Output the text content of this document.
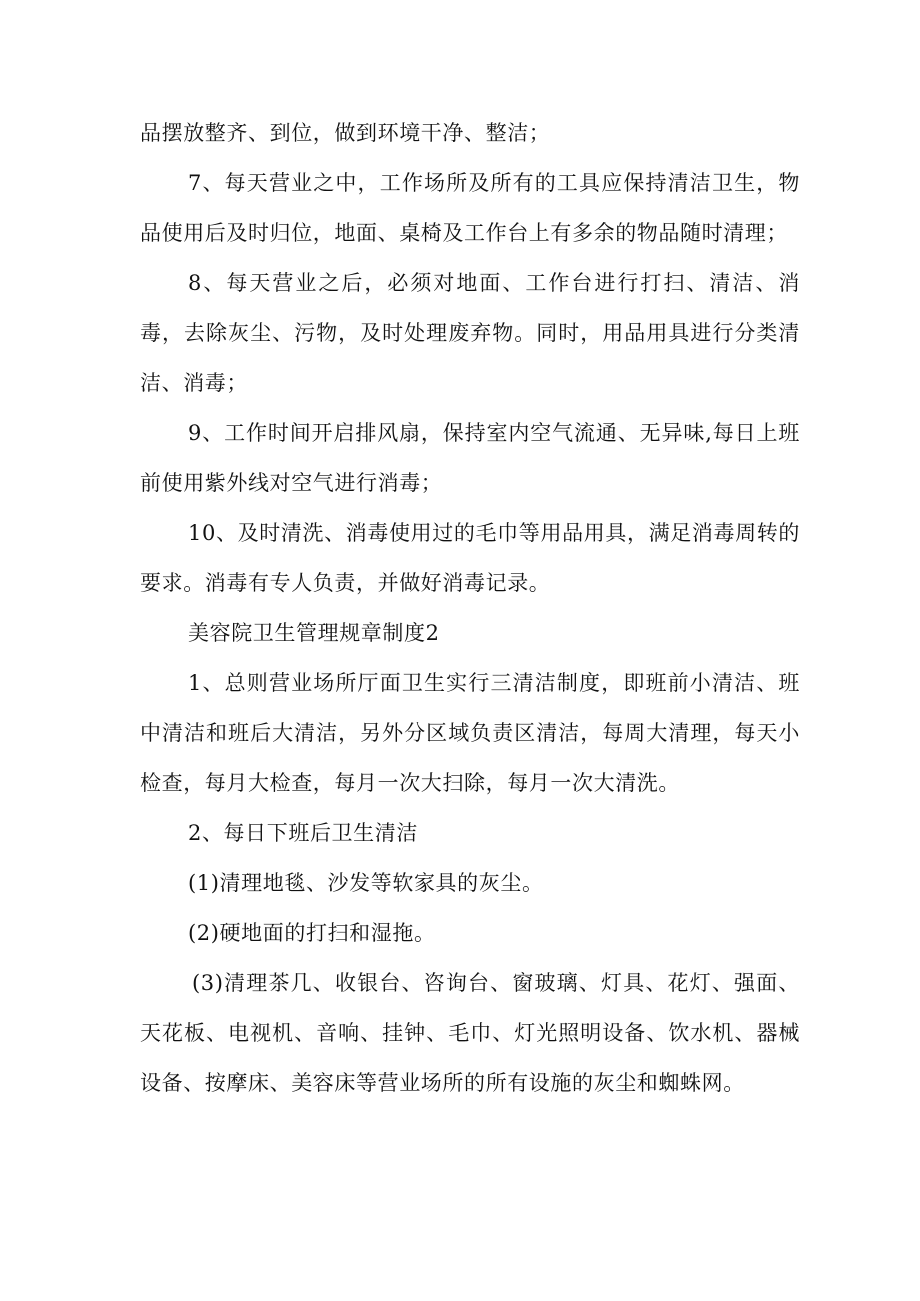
品摆放整齐、到位，做到环境干净、整洁；

7、每天营业之中，工作场所及所有的工具应保持清洁卫生，物品使用后及时归位，地面、桌椅及工作台上有多余的物品随时清理；

8、每天营业之后，必须对地面、工作台进行打扫、清洁、消毒，去除灰尘、污物，及时处理废弃物。同时，用品用具进行分类清洁、消毒；

9、工作时间开启排风扇，保持室内空气流通、无异味,每日上班前使用紫外线对空气进行消毒；

10、及时清洗、消毒使用过的毛巾等用品用具，满足消毒周转的要求。消毒有专人负责，并做好消毒记录。

美容院卫生管理规章制度2

1、总则营业场所厅面卫生实行三清洁制度，即班前小清洁、班中清洁和班后大清洁，另外分区域负责区清洁，每周大清理，每天小检查，每月大检查，每月一次大扫除，每月一次大清洗。

2、每日下班后卫生清洁

(1)清理地毯、沙发等软家具的灰尘。

(2)硬地面的打扫和湿拖。

(3)清理茶几、收银台、咨询台、窗玻璃、灯具、花灯、强面、天花板、电视机、音响、挂钟、毛巾、灯光照明设备、饮水机、器械设备、按摩床、美容床等营业场所的所有设施的灰尘和蜘蛛网。
